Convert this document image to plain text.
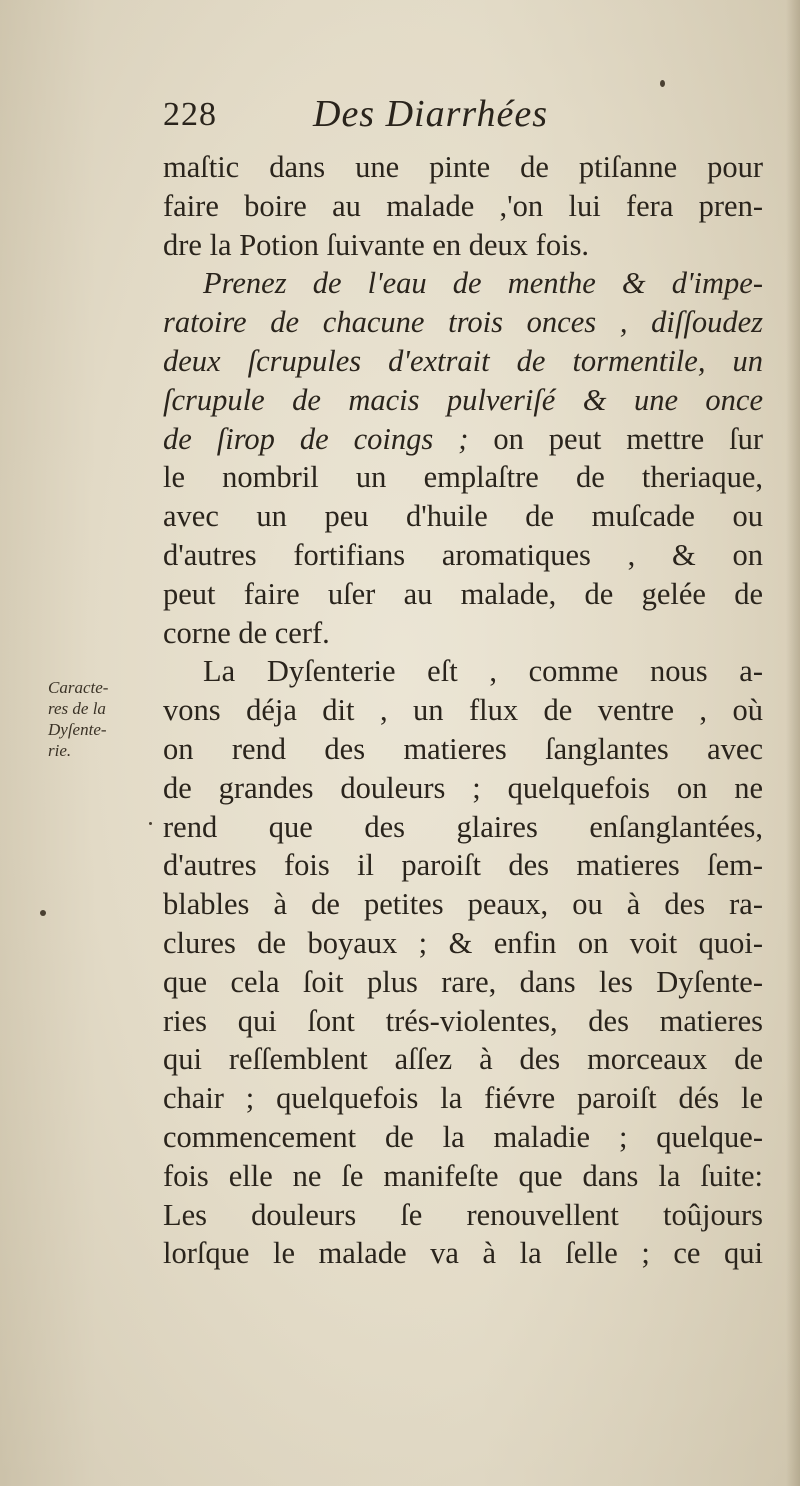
228	Des Diarrhées
Caracte-
res de la
Dyſente-
rie.
maſtic dans une pinte de ptiſanne pour
faire boire au malade ,'on lui fera pren-
dre la Potion ſuivante en deux fois.
Prenez de l'eau de menthe & d'impe-
ratoire de chacune trois onces , diſſoudez
deux ſcrupules d'extrait de tormentile, un
ſcrupule de macis pulveriſé & une once
de ſirop de coings ; on peut mettre ſur
le nombril un emplaſtre de theriaque,
avec un peu d'huile de muſcade ou
d'autres fortifians aromatiques , & on
peut faire uſer au malade, de gelée de
corne de cerf.
La Dyſenterie eſt , comme nous a-
vons déja dit , un flux de ventre , où
on rend des matieres ſanglantes avec
de grandes douleurs ; quelquefois on ne
rend que des glaires enſanglantées,
d'autres fois il paroiſt des matieres ſem-
blables à de petites peaux, ou à des ra-
clures de boyaux ; & enfin on voit quoi-
que cela ſoit plus rare, dans les Dyſente-
ries qui ſont trés-violentes, des matieres
qui reſſemblent aſſez à des morceaux de
chair ; quelquefois la fiévre paroiſt dés le
commencement de la maladie ; quelque-
fois elle ne ſe manifeſte que dans la ſuite:
Les douleurs ſe renouvellent toûjours
lorſque le malade va à la ſelle ; ce qui
